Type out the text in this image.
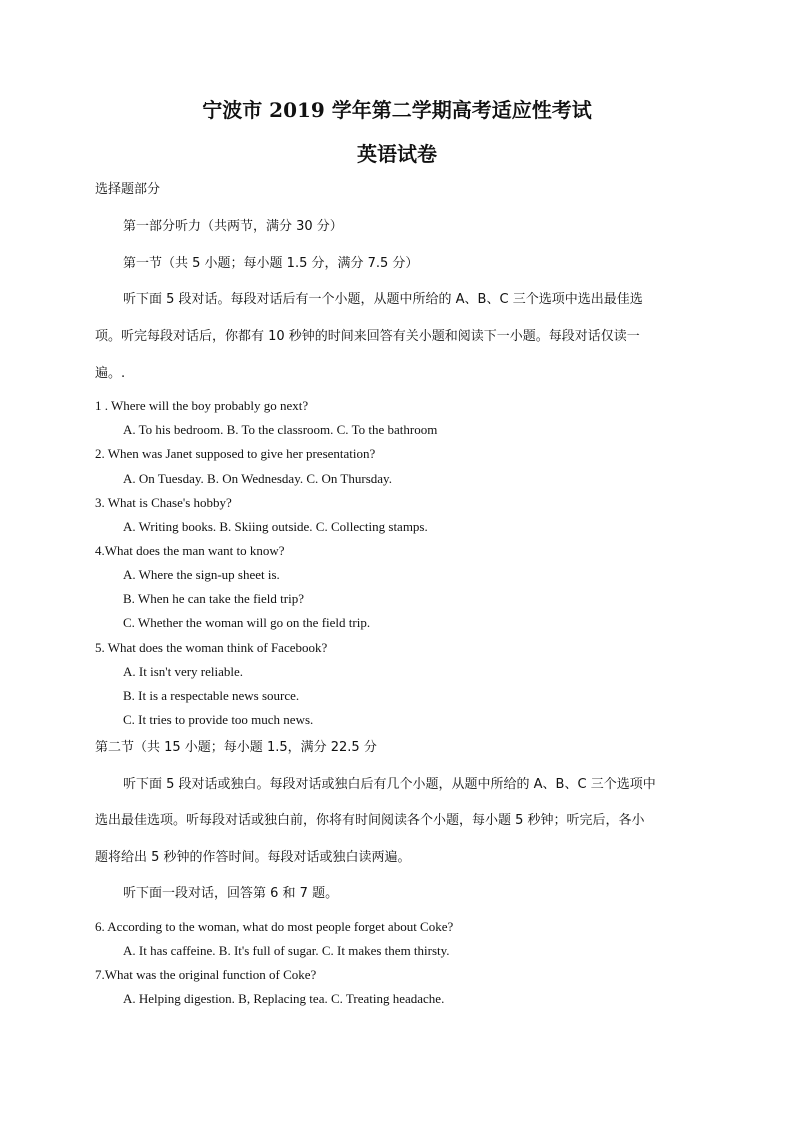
宁波市 2019 学年第二学期高考适应性考试
英语试卷
选择题部分
第一部分听力（共两节，满分 30 分）
第一节（共 5 小题；每小题 1.5 分，满分 7.5 分）
听下面 5 段对话。每段对话后有一个小题，从题中所给的 A、B、C 三个选项中选出最佳选
项。听完每段对话后，你都有 10 秒钟的时间来回答有关小题和阅读下一小题。每段对话仅读一
遍。.
1 . Where will the boy probably go next?
A. To his bedroom. B. To the classroom. C. To the bathroom
2. When was Janet supposed to give her presentation?
A. On Tuesday. B. On Wednesday. C. On Thursday.
3. What is Chase's hobby?
A. Writing books. B. Skiing outside. C. Collecting stamps.
4.What does the man want to know?
A. Where the sign-up sheet is.
B. When he can take the field trip?
C. Whether the woman will go on the field trip.
5. What does the woman think of Facebook?
A. It isn't very reliable.
B. It is a respectable news source.
C. It tries to provide too much news.
第二节（共 15 小题；每小题 1.5，满分 22.5 分
听下面 5 段对话或独白。每段对话或独白后有几个小题，从题中所给的 A、B、C 三个选项中
选出最佳选项。听每段对话或独白前，你将有时间阅读各个小题，每小题 5 秒钟；听完后，各小
题将给出 5 秒钟的作答时间。每段对话或独白读两遍。
听下面一段对话，回答第 6 和 7 题。
6. According to the woman, what do most people forget about Coke?
A. It has caffeine. B. It's full of sugar. C. It makes them thirsty.
7.What was the original function of Coke?
A. Helping digestion. B, Replacing tea. C. Treating headache.
